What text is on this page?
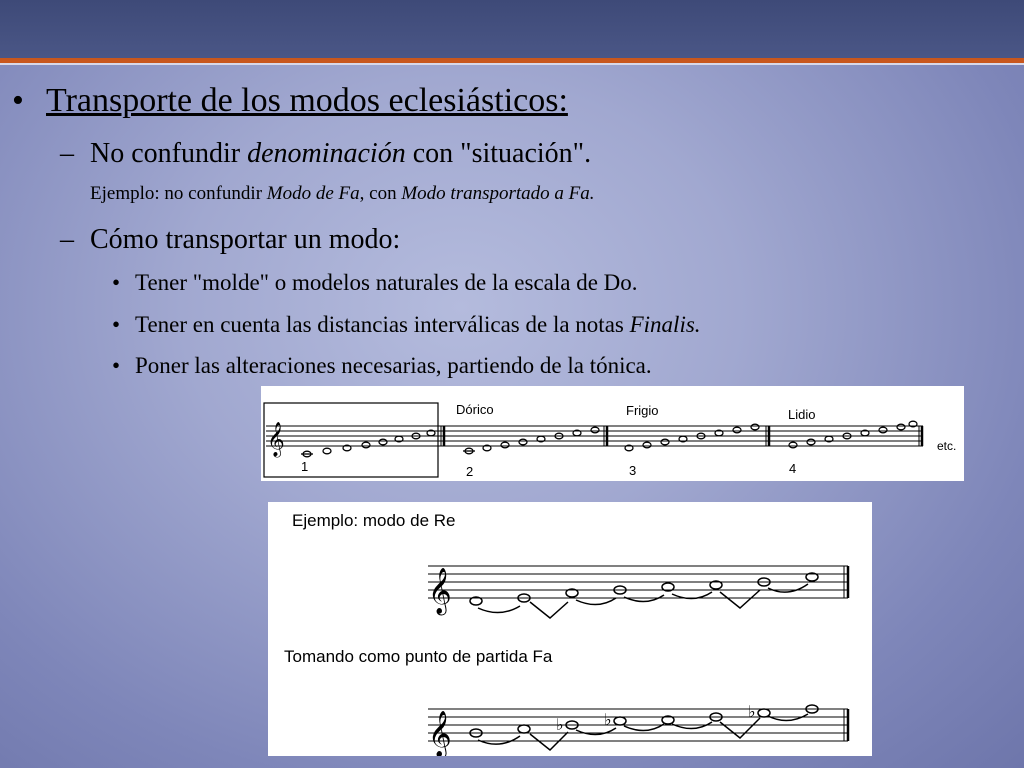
• Transporte de los modos eclesiásticos:
– No confundir denominación con "situación".
Ejemplo: no confundir Modo de Fa, con Modo transportado a Fa.
– Cómo transportar un modo:
• Tener "molde" o modelos naturales de la escala de Do.
• Tener en cuenta las distancias interválicas de la notas Finalis.
• Poner las alteraciones necesarias, partiendo de la tónica.
𝄞
Dórico	Frigio	Lidio
1	2	3	4
etc.
Ejemplo: modo de Re
Tomando como punto de partida Fa
𝄞
𝄞	♭	♭	♭
